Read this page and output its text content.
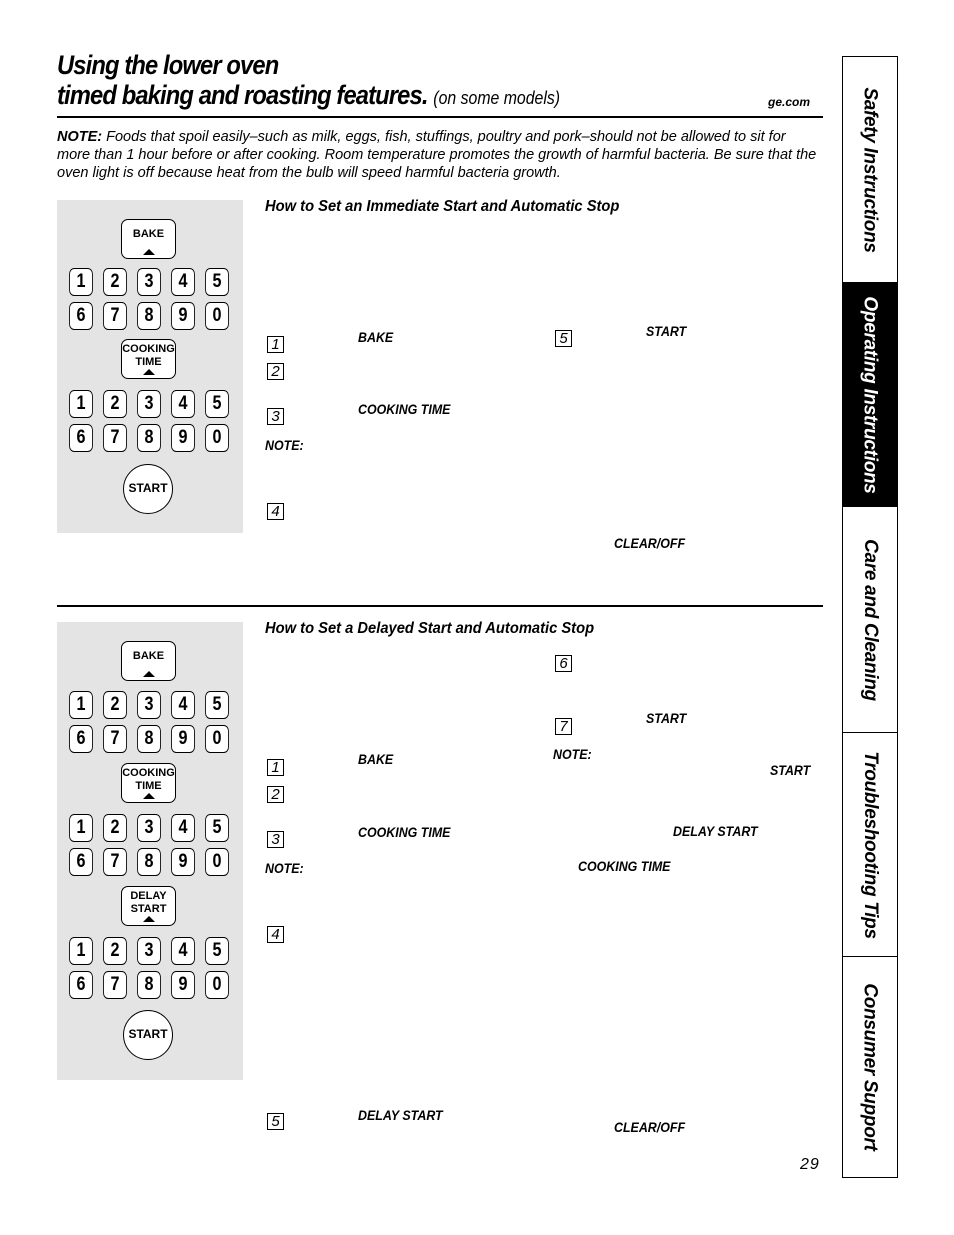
Using the lower oven
timed baking and roasting features. (on some models)	ge.com
NOTE: Foods that spoil easily–such as milk, eggs, fish, stuffings, poultry and pork–should not be allowed to sit for more than 1 hour before or after cooking. Room temperature promotes the growth of harmful bacteria. Be sure that the oven light is off because heat from the bulb will speed harmful bacteria growth.
BAKE
1	2	3	4	5
6	7	8	9	0
COOKING
TIME
1	2	3	4	5
6	7	8	9	0
START
How to Set an Immediate Start and Automatic Stop
1
2
3
4
5
BAKE
COOKING TIME
NOTE:
START
CLEAR/OFF
BAKE
1	2	3	4	5
6	7	8	9	0
COOKING
TIME
1	2	3	4	5
6	7	8	9	0
DELAY
START
1	2	3	4	5
6	7	8	9	0
START
How to Set a Delayed Start and Automatic Stop
1
2
3
4
5
6
7
BAKE
COOKING TIME
NOTE:
DELAY START
START
NOTE:
START
DELAY START
COOKING TIME
CLEAR/OFF
Safety Instructions
Operating Instructions
Care and Cleaning
Troubleshooting Tips
Consumer Support
29
